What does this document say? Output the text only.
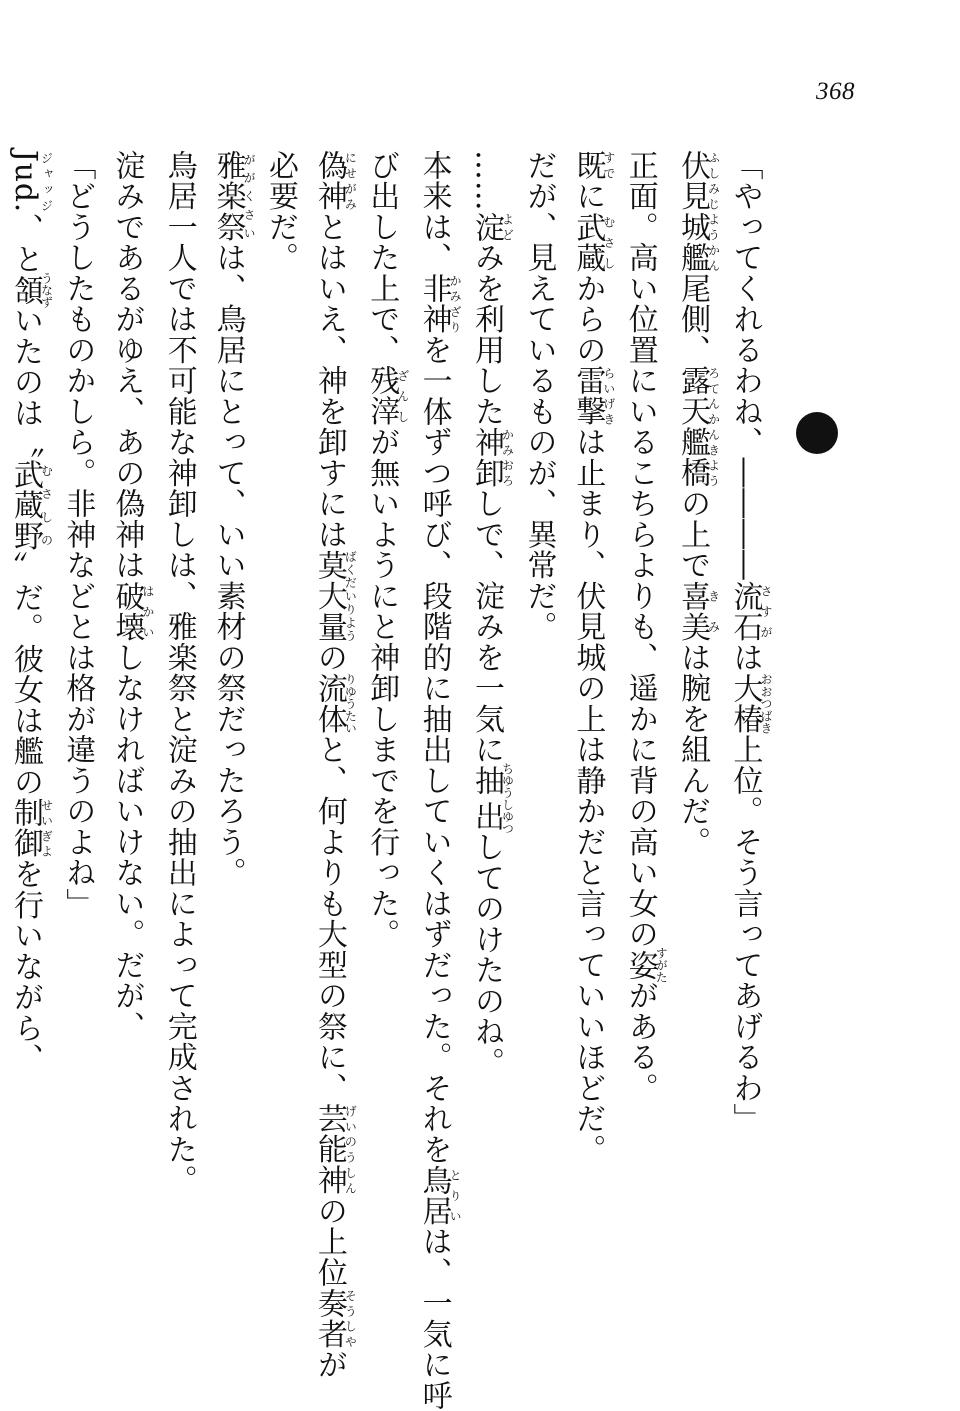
368
「やってくれるわね、――――流石さすがは大椿おおつばき上位。そう言ってあげるわ」
伏見城艦ふしみじようかん尾側、露天艦橋ろてんかんきようの上で喜美きみは腕を組んだ。
正面。高い位置にいるこちらよりも、遥かに背の高い女の姿すがたがある。
既すでに武蔵むさしからの雷撃らいげきは止まり、伏見城の上は静かだと言っていいほどだ。
だが、見えているものが、異常だ。
……淀よどみを利用した神卸かみおろしで、淀みを一気に抽出ちゆうしゆつしてのけたのね。
本来は、非神かみざりを一体ずつ呼び、段階的に抽出していくはずだった。それを鳥居とりいは、一気に呼
び出した上で、残滓ざんしが無いようにと神卸しまでを行った。
偽神にせがみとはいえ、神を卸すには莫大量ばくだいりようの流体りゆうたいと、何よりも大型の祭に、芸能神げいのうしんの上位奏者そうしやが
必要だ。
雅楽祭ががくさいは、鳥居にとって、いい素材の祭だったろう。
鳥居一人では不可能な神卸しは、雅楽祭と淀みの抽出によって完成された。
淀みであるがゆえ、あの偽神は破壊はかいしなければいけない。だが、
「どうしたものかしら。非神などとは格が違うのよね」
Jud.ジャッジ、と頷うなずいたのは〝武蔵野むさしの〟だ。彼女は艦の制御せいぎよを行いながら、
